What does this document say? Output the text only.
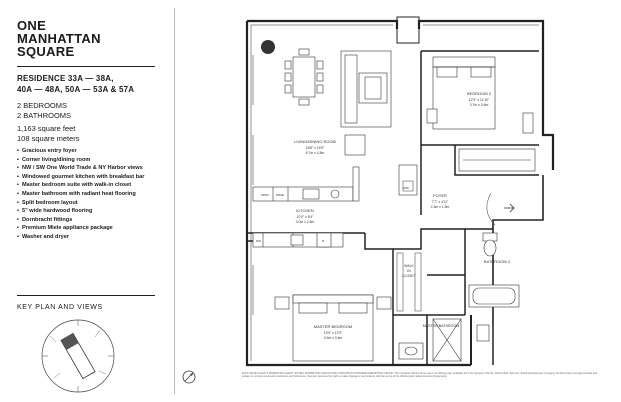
ONE
MANHATTAN
SQUARE
RESIDENCE 33A — 38A,
40A — 48A, 50A — 53A & 57A
2 BEDROOMS
2 BATHROOMS
1,163 square feet
108 square meters
▪ Gracious entry foyer
▪ Corner living/dining room
▪ NW / SW One World Trade & NY Harbor views
▪ Windowed gourmet kitchen with breakfast bar
▪ Master bedroom suite with walk-in closet
▪ Master bathroom with radiant heat flooring
▪ Split bedroom layout
▪ 5" wide hardwood flooring
▪ Dornbracht fittings
▪ Premium Miele appliance package
▪ Washer and dryer
KEY PLAN AND VIEWS
LIVING/DINING ROOM
18'8" x 15'9"
5.7m x 4.8m
BEDROOM 2
12'3" x 11'10"
3.7m x 3.6m
KITCHEN
10'0" x 8'4"
3.0m x 2.5m
FOYER
7'7" x 4'11"
2.3m x 1.5m
MASTER BEDROOM
13'0" x 12'0"
3.9m x 3.6m
WALK
IN
CLOSET
BATHROOM 2
MASTER BATHROOM
SPDV WINE
DW
W/D
R
EXCLUSIVE SALES & MARKETING AGENT: EXTELL MARKETING GROUP AND CORCORAN SUNSHINE MARKETING GROUP. The complete offering terms are in an offering plan available from the Sponsor. File No. CD14-0124. Sponsor: Extell Development Company. All dimensions are approximate and subject to normal construction variances and tolerances. Sponsor reserves the right to make changes in accordance with the terms of the offering plan. Equal Housing Opportunity.
